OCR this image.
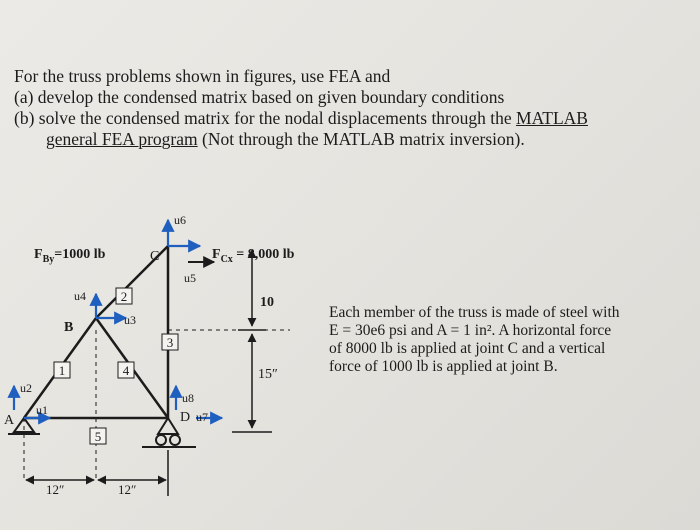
For the truss problems shown in figures, use FEA and
(a) develop the condensed matrix based on given boundary conditions
(b) solve the condensed matrix for the nodal displacements through the MATLAB
general FEA program (Not through the MATLAB matrix inversion).
1
2
3
4
5
$F_{By}=1000$ lb	$F_{Cx} = 8,000$ lb
C
B
A	D
u6
u5
u4
u3
u2
u1
u8
u7
10
15″
12″	12″
Each member of the truss is made of steel with
E = 30e6 psi and A = 1 in². A horizontal force
of 8000 lb is applied at joint C and a vertical
force of 1000 lb is applied at joint B.
